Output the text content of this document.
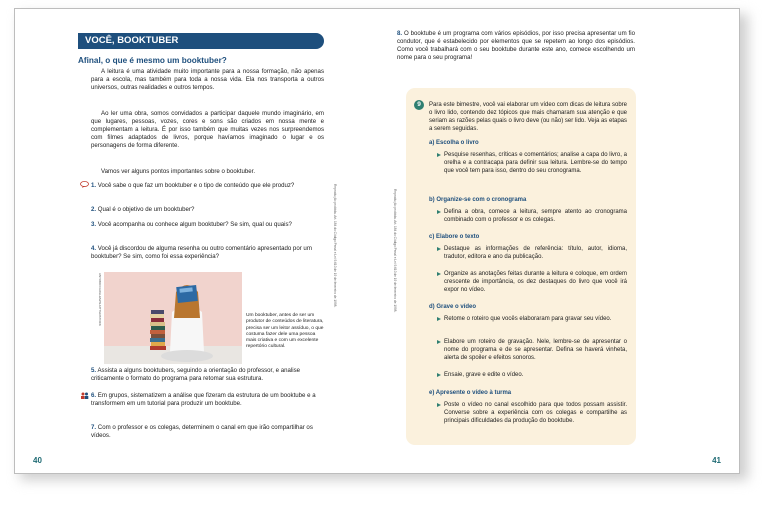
VOCÊ, BOOKTUBER
Afinal, o que é mesmo um booktuber?
A leitura é uma atividade muito importante para a nossa formação, não apenas para a escola, mas também para toda a nossa vida. Ela nos transporta a outros universos, outras realidades e outros tempos.
Ao ler uma obra, somos convidados a participar daquele mundo imaginário, em que lugares, pessoas, vozes, cores e sons são criados em nossa mente e complementam a leitura. É por isso também que muitas vezes nos surpreendemos com filmes adaptados de livros, porque havíamos imaginado o lugar e os personagens de forma diferente.
Vamos ver alguns pontos importantes sobre o booktuber.
1. Você sabe o que faz um booktuber e o tipo de conteúdo que ele produz?
2. Qual é o objetivo de um booktuber?
3. Você acompanha ou conhece algum booktuber? Se sim, qual ou quais?
4. Você já discordou de alguma resenha ou outro comentário apresentado por um booktuber? Se sim, como foi essa experiência?
ANTONIO GUILLEM/SHUTTERSTOCK	Um booktuber, antes de ser um produtor de conteúdos de literatura, precisa ser um leitor assíduo, o que costuma fazer dele uma pessoa mais criativa e com um excelente repertório cultural.
5. Assista a alguns booktubers, seguindo a orientação do professor, e analise criticamente o formato do programa para retomar sua estrutura.
6. Em grupos, sistematizem a análise que fizeram da estrutura de um booktube e a transformem em um tutorial para produzir um booktube.
7. Com o professor e os colegas, determinem o canal em que irão compartilhar os vídeos.
40
Reprodução proibida. Art. 184 do Código Penal e Lei 9.610 de 19 de fevereiro de 1998.	Reprodução proibida. Art. 184 do Código Penal e Lei 9.610 de 19 de fevereiro de 1998.
8. O booktube é um programa com vários episódios, por isso precisa apresentar um fio condutor, que é estabelecido por elementos que se repetem ao longo dos episódios. Como você trabalhará com o seu booktube durante este ano, comece escolhendo um nome para o seu programa!
9	Para este bimestre, você vai elaborar um vídeo com dicas de leitura sobre o livro lido, contendo dez tópicos que mais chamaram sua atenção e que seriam as razões pelas quais o livro deve (ou não) ser lido. Veja as etapas a serem seguidas.
a) Escolha o livro
Pesquise resenhas, críticas e comentários; analise a capa do livro, a orelha e a contracapa para definir sua leitura. Lembre-se do tempo que você tem para isso, dentro do seu cronograma.
b) Organize-se com o cronograma
Defina a obra, comece a leitura, sempre atento ao cronograma combinado com o professor e os colegas.
c) Elabore o texto
Destaque as informações de referência: título, autor, idioma, tradutor, editora e ano da publicação.
Organize as anotações feitas durante a leitura e coloque, em ordem crescente de importância, os dez destaques do livro que você irá expor no vídeo.
d) Grave o vídeo
Retome o roteiro que vocês elaboraram para gravar seu vídeo.
Elabore um roteiro de gravação. Nele, lembre-se de apresentar o nome do programa e de se apresentar. Defina se haverá vinheta, alerta de spoiler e efeitos sonoros.
Ensaie, grave e edite o vídeo.
e) Apresente o vídeo à turma
Poste o vídeo no canal escolhido para que todos possam assistir. Converse sobre a experiência com os colegas e compartilhe as principais dificuldades da produção do booktube.
41
